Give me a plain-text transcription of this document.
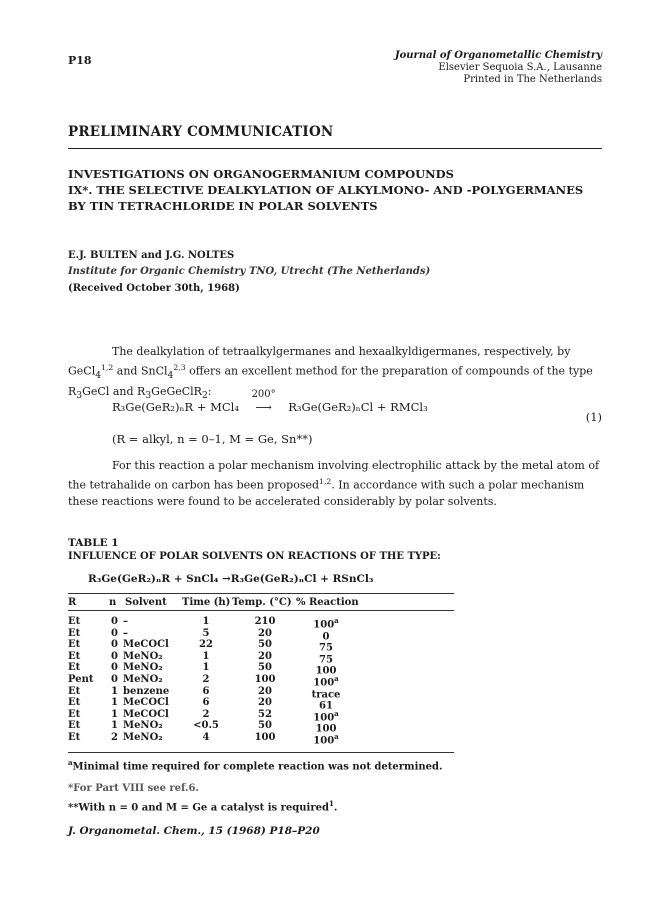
P18	Journal of Organometallic Chemistry
Elsevier Sequoia S.A., Lausanne
Printed in The Netherlands
PRELIMINARY COMMUNICATION
INVESTIGATIONS ON ORGANOGERMANIUM COMPOUNDS
IX*. THE SELECTIVE DEALKYLATION OF ALKYLMONO- AND -POLYGERMANES
BY TIN TETRACHLORIDE IN POLAR SOLVENTS
E.J. BULTEN and J.G. NOLTES
Institute for Organic Chemistry TNO, Utrecht (The Netherlands)
(Received October 30th, 1968)
The dealkylation of tetraalkylgermanes and hexaalkyldigermanes, respectively, by GeCl$_4^{1,2}$ and SnCl$_4^{2,3}$ offers an excellent method for the preparation of compounds of the type $R_3GeCl$ and $R_3GeGeClR_2$:
R₃Ge(GeR₂)ₙR + MCl₄
200°
⟶ R₃Ge(GeR₂)ₙCl + RMCl₃
(1)
(R = alkyl, n = 0–1, M = Ge, Sn**)
For this reaction a polar mechanism involving electrophilic attack by the metal atom of the tetrahalide on carbon has been proposed$^{1,2}$. In accordance with such a polar mechanism these reactions were found to be accelerated considerably by polar solvents.
TABLE 1
INFLUENCE OF POLAR SOLVENTS ON REACTIONS OF THE TYPE:
R₃Ge(GeR₂)ₙR + SnCl₄ →R₃Ge(GeR₂)ₙCl + RSnCl₃
R	n Solvent Time (h) Temp. (°C) % Reaction
Et	0 –	1	210	100$^a$
Et	0 –	5	20	0
Et	0 MeCOCl	22	50	75
Et	0 MeNO₂	1	20	75
Et	0 MeNO₂	1	50	100
Pent 0 MeNO₂	2	100	100$^a$
Et	1 benzene	6	20	trace
Et	1 MeCOCl	6	20	61
Et	1 MeCOCl	2	52	100$^a$
Et	1 MeNO₂	<0.5	50	100
Et	2 MeNO₂	4	100	100$^a$
$^a$Minimal time required for complete reaction was not determined.
*For Part VIII see ref.6.
**With n = 0 and M = Ge a catalyst is required$^1$.
J. Organometal. Chem., 15 (1968) P18–P20
